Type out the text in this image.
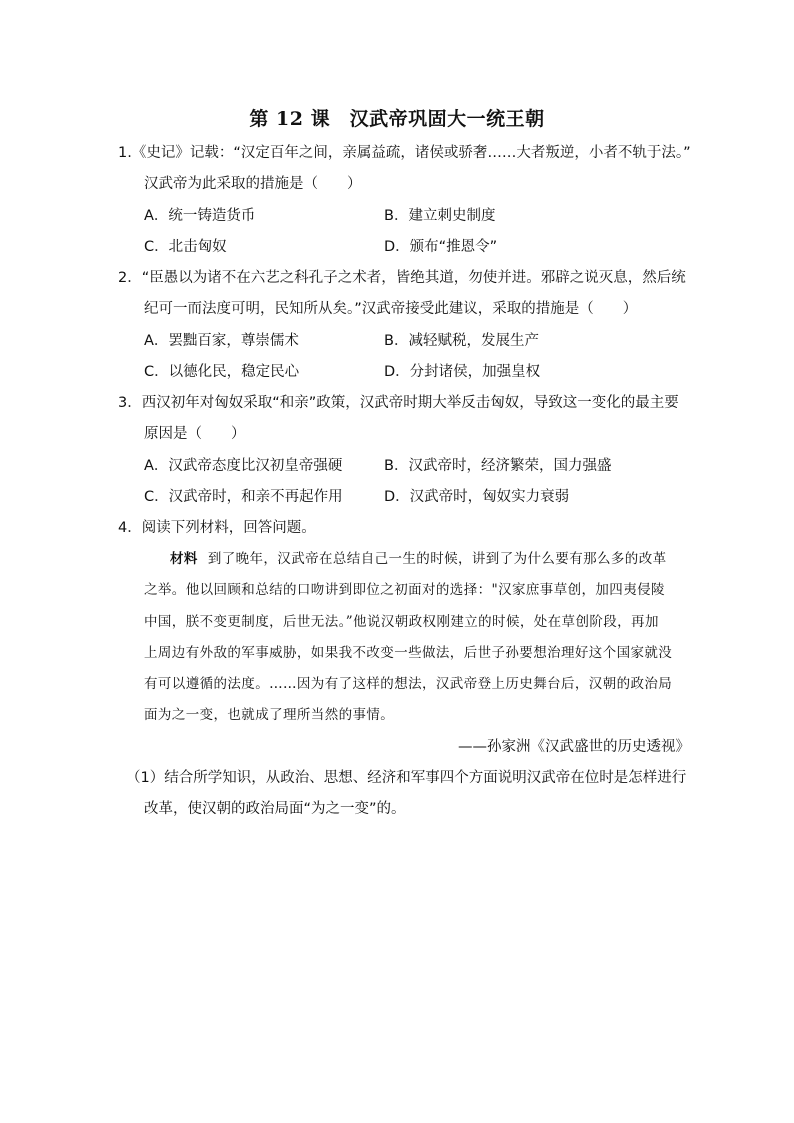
第 12 课　汉武帝巩固大一统王朝
1.《史记》记载：“汉定百年之间，亲属益疏，诸侯或骄奢……大者叛逆，小者不轨于法。”
汉武帝为此采取的措施是（　　）
A．统一铸造货币	B．建立刺史制度
C．北击匈奴	D．颁布“推恩令”
2．“臣愚以为诸不在六艺之科孔子之术者，皆绝其道，勿使并进。邪辟之说灭息，然后统
纪可一而法度可明，民知所从矣。”汉武帝接受此建议，采取的措施是（　　）
A．罢黜百家，尊崇儒术	B．减轻赋税，发展生产
C．以德化民，稳定民心	D．分封诸侯，加强皇权
3．西汉初年对匈奴采取“和亲”政策，汉武帝时期大举反击匈奴，导致这一变化的最主要
原因是（　　）
A．汉武帝态度比汉初皇帝强硬	B．汉武帝时，经济繁荣，国力强盛
C．汉武帝时，和亲不再起作用	D．汉武帝时，匈奴实力衰弱
4．阅读下列材料，回答问题。
材料 到了晚年，汉武帝在总结自己一生的时候，讲到了为什么要有那么多的改革
之举。他以回顾和总结的口吻讲到即位之初面对的选择："汉家庶事草创，加四夷侵陵
中国，朕不变更制度，后世无法。”他说汉朝政权刚建立的时候，处在草创阶段，再加
上周边有外敌的军事威胁，如果我不改变一些做法，后世子孙要想治理好这个国家就没
有可以遵循的法度。……因为有了这样的想法，汉武帝登上历史舞台后，汉朝的政治局
面为之一变，也就成了理所当然的事情。
——孙家洲《汉武盛世的历史透视》
（1）结合所学知识，从政治、思想、经济和军事四个方面说明汉武帝在位时是怎样进行
改革，使汉朝的政治局面“为之一变”的。
